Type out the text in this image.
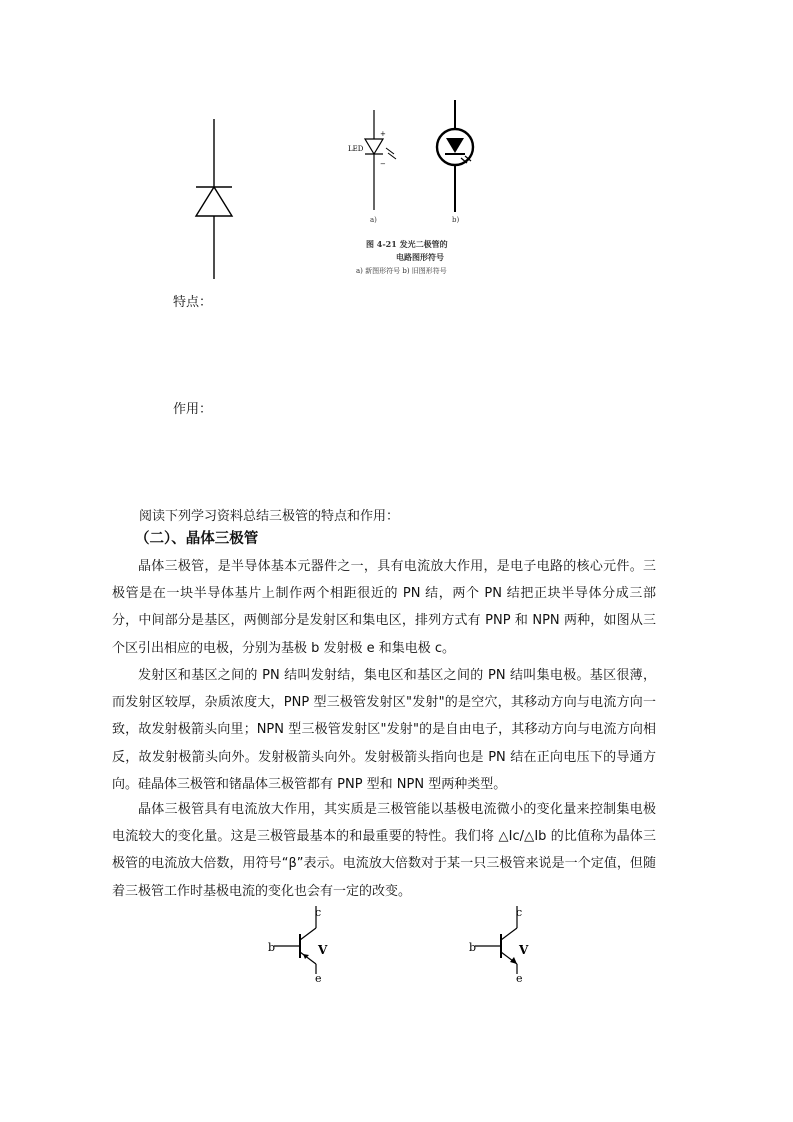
LED
+
−
a)	b)
图 4-21 发光二极管的
电路图形符号
a) 新图形符号 b) 旧图形符号
特点：
作用：
阅读下列学习资料总结三极管的特点和作用：
（二）、晶体三极管

晶体三极管，是半导体基本元器件之一，具有电流放大作用，是电子电路的核心元件。三极管是在一块半导体基片上制作两个相距很近的 PN 结，两个 PN 结把正块半导体分成三部分，中间部分是基区，两侧部分是发射区和集电区，排列方式有 PNP 和 NPN 两种，如图从三个区引出相应的电极，分别为基极 b 发射极 e 和集电极 c。

发射区和基区之间的 PN 结叫发射结，集电区和基区之间的 PN 结叫集电极。基区很薄，而发射区较厚，杂质浓度大，PNP 型三极管发射区"发射"的是空穴，其移动方向与电流方向一致，故发射极箭头向里；NPN 型三极管发射区"发射"的是自由电子，其移动方向与电流方向相反，故发射极箭头向外。发射极箭头向外。发射极箭头指向也是 PN 结在正向电压下的导通方向。硅晶体三极管和锗晶体三极管都有 PNP 型和 NPN 型两种类型。

晶体三极管具有电流放大作用，其实质是三极管能以基极电流微小的变化量来控制集电极电流较大的变化量。这是三极管最基本的和最重要的特性。我们将 △Ic/△Ib 的比值称为晶体三极管的电流放大倍数，用符号“β”表示。电流放大倍数对于某一只三极管来说是一个定值，但随着三极管工作时基极电流的变化也会有一定的改变。

c
b
e
V
c
b
e
V
